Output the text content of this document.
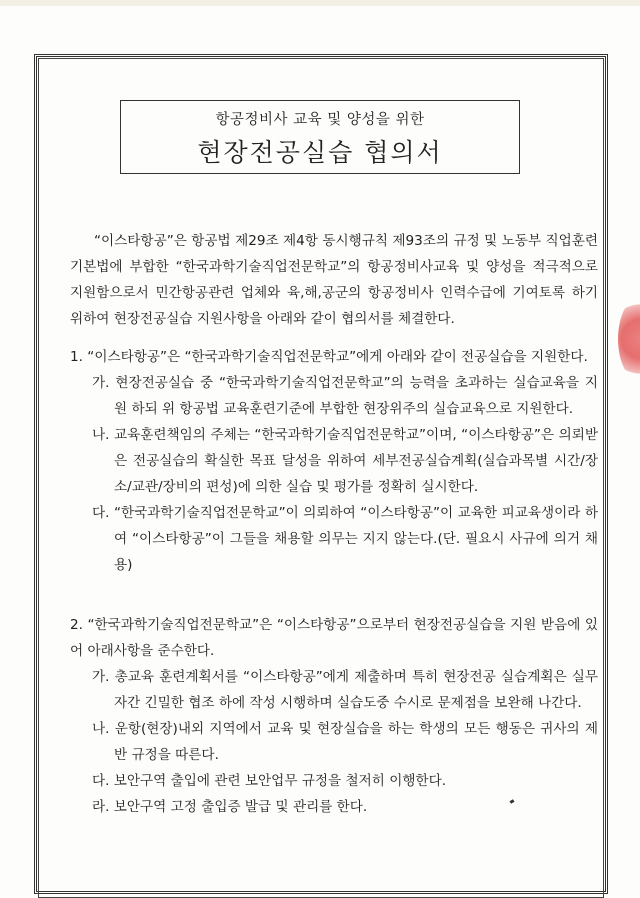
항공정비사 교육 및 양성을 위한
현장전공실습 협의서
“이스타항공”은 항공법 제29조 제4항 동시행규칙 제93조의 규정 및 노동부 직업훈련기본법에 부합한 “한국과학기술직업전문학교”의 항공정비사교육 및 양성을 적극적으로 지원함으로서 민간항공관련 업체와 육,해,공군의 항공정비사 인력수급에 기여토록 하기 위하여 현장전공실습 지원사항을 아래와 같이 협의서를 체결한다.

1. “이스타항공”은 “한국과학기술직업전문학교”에게 아래와 같이 전공실습을 지원한다.

가. 현장전공실습 중 “한국과학기술직업전문학교”의 능력을 초과하는 실습교육을 지원 하되 위 항공법 교육훈련기준에 부합한 현장위주의 실습교육으로 지원한다.

나. 교육훈련책임의 주체는 “한국과학기술직업전문학교”이며, “이스타항공”은 의뢰받은 전공실습의 확실한 목표 달성을 위하여 세부전공실습계획(실습과목별 시간/장소/교관/장비의 편성)에 의한 실습 및 평가를 정확히 실시한다.

다. “한국과학기술직업전문학교”이 의뢰하여 “이스타항공”이 교육한 피교육생이라 하여 “이스타항공”이 그들을 채용할 의무는 지지 않는다.(단. 필요시 사규에 의거 채용)

2. “한국과학기술직업전문학교”은 “이스타항공”으로부터 현장전공실습을 지원 받음에 있어 아래사항을 준수한다.

가. 총교육 훈련계획서를 “이스타항공”에게 제출하며 특히 현장전공 실습계획은 실무자간 긴밀한 협조 하에 작성 시행하며 실습도중 수시로 문제점을 보완해 나간다.

나. 운항(현장)내외 지역에서 교육 및 현장실습을 하는 학생의 모든 행동은 귀사의 제반 규정을 따른다.

다. 보안구역 출입에 관련 보안업무 규정을 철저히 이행한다.

라. 보안구역 고정 출입증 발급 및 관리를 한다.
